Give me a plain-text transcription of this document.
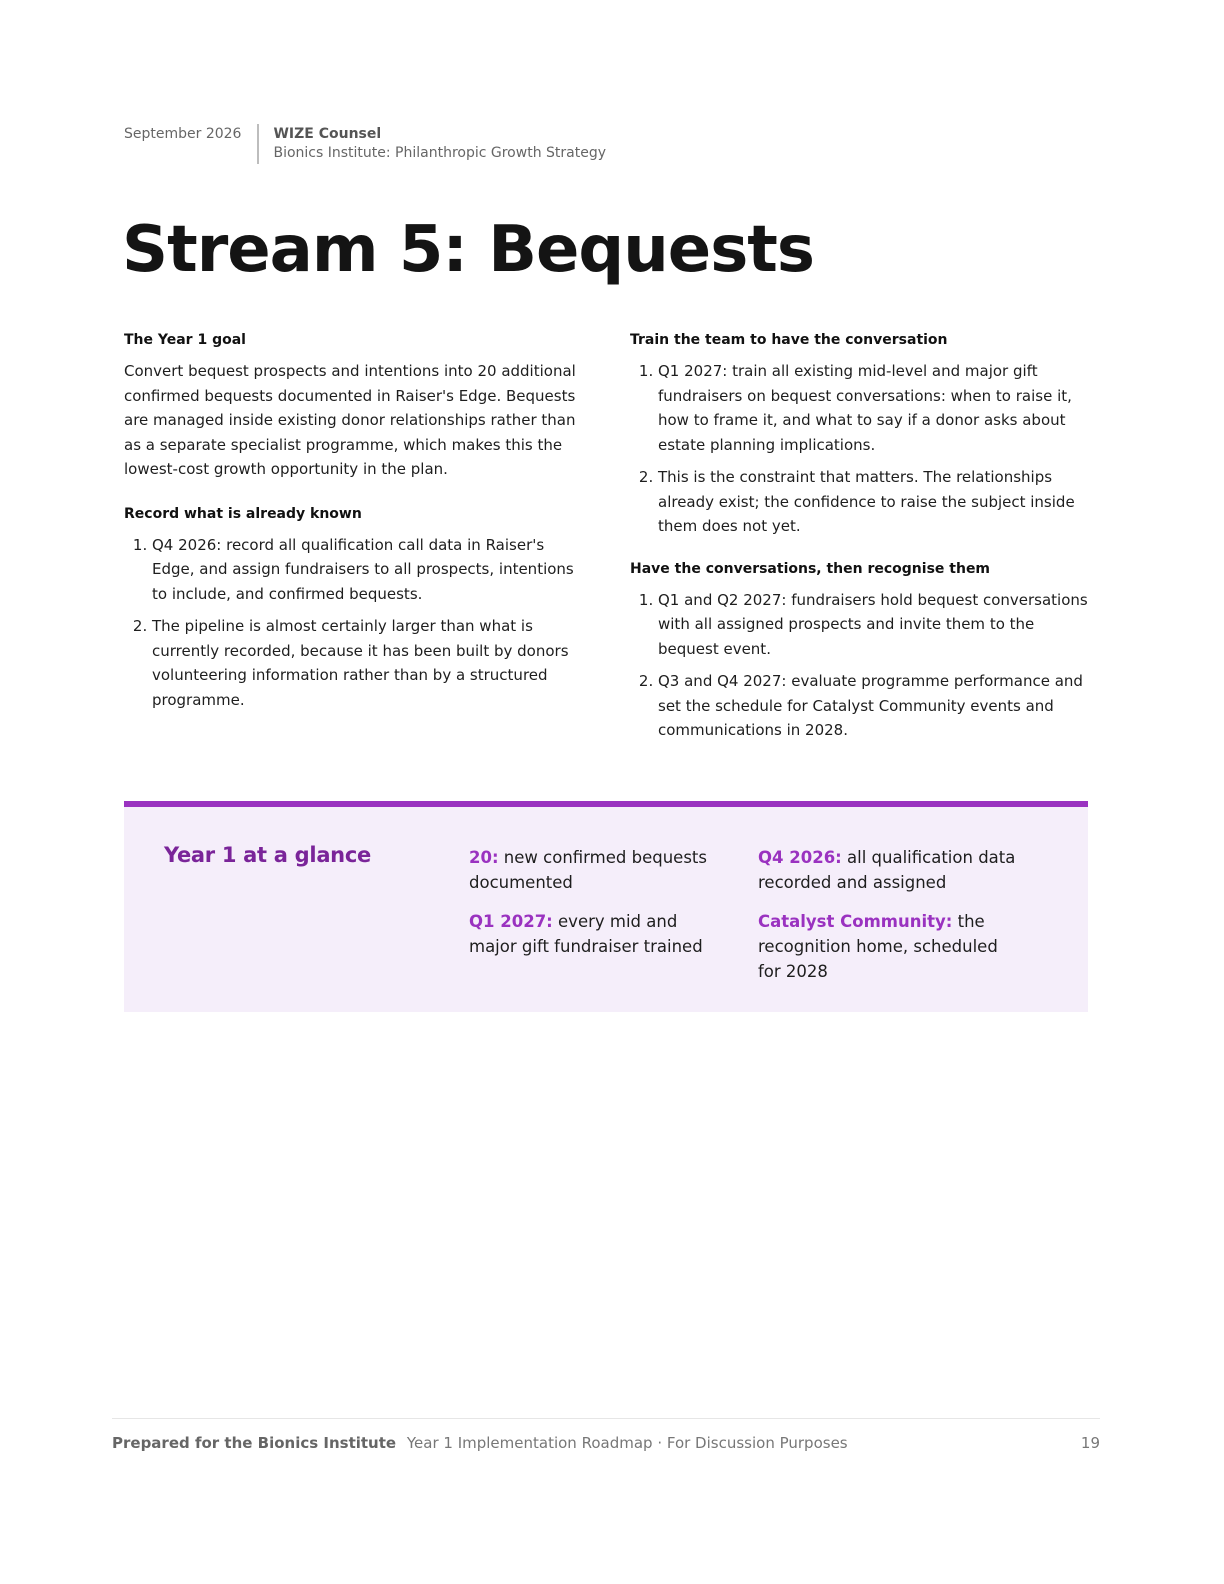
September 2026	WIZE Counsel
Bionics Institute: Philanthropic Growth Strategy
Stream 5: Bequests
The Year 1 goal

Convert bequest prospects and intentions into 20 additional confirmed bequests documented in Raiser's Edge. Bequests are managed inside existing donor relationships rather than as a separate specialist programme, which makes this the lowest-cost growth opportunity in the plan.

Record what is already known
1. Q4 2026: record all qualification call data in Raiser's Edge, and assign fundraisers to all prospects, intentions to include, and confirmed bequests.
2. The pipeline is almost certainly larger than what is currently recorded, because it has been built by donors volunteering information rather than by a structured programme.
Train the team to have the conversation
1. Q1 2027: train all existing mid-level and major gift fundraisers on bequest conversations: when to raise it, how to frame it, and what to say if a donor asks about estate planning implications.
2. This is the constraint that matters. The relationships already exist; the confidence to raise the subject inside them does not yet.
Have the conversations, then recognise them
1. Q1 and Q2 2027: fundraisers hold bequest conversations with all assigned prospects and invite them to the bequest event.
2. Q3 and Q4 2027: evaluate programme performance and set the schedule for Catalyst Community events and communications in 2028.
Year 1 at a glance	20: new confirmed bequests documented
Q1 2027: every mid and major gift fundraiser trained
Q4 2026: all qualification data recorded and assigned
Catalyst Community: the recognition home, scheduled for 2028
Prepared for the Bionics Institute Year 1 Implementation Roadmap · For Discussion Purposes	19
